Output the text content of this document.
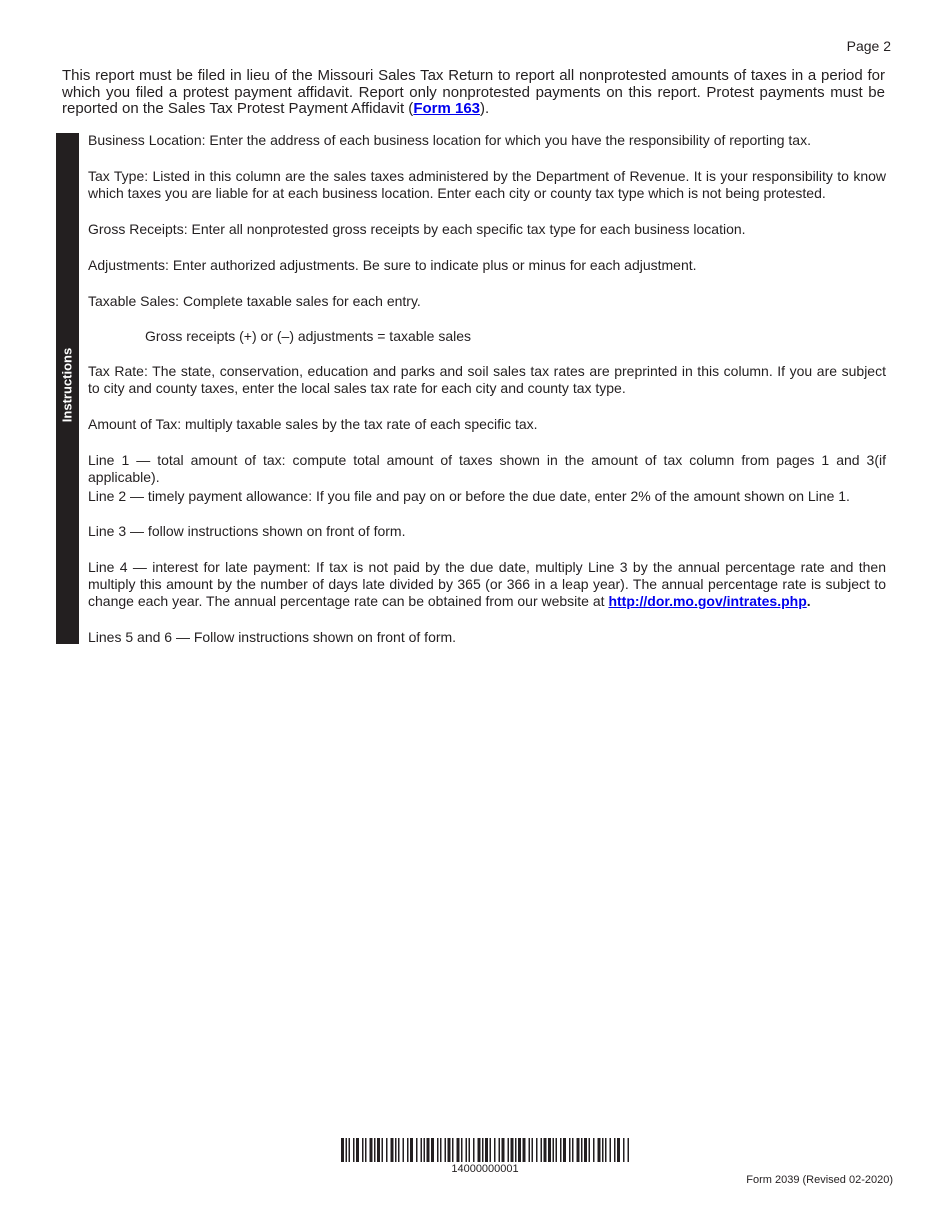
Page 2
This report must be filed in lieu of the Missouri Sales Tax Return to report all nonprotested amounts of taxes in a period for which you filed a protest payment affidavit. Report only nonprotested payments on this report. Protest payments must be reported on the Sales Tax Protest Payment Affidavit (Form 163).
Instructions

Business Location: Enter the address of each business location for which you have the responsibility of reporting tax.

Tax Type: Listed in this column are the sales taxes administered by the Department of Revenue. It is your responsibility to know which taxes you are liable for at each business location. Enter each city or county tax type which is not being protested.

Gross Receipts: Enter all nonprotested gross receipts by each specific tax type for each business location.

Adjustments: Enter authorized adjustments. Be sure to indicate plus or minus for each adjustment.

Taxable Sales: Complete taxable sales for each entry.

Gross receipts (+) or (–) adjustments = taxable sales

Tax Rate: The state, conservation, education and parks and soil sales tax rates are preprinted in this column. If you are subject to city and county taxes, enter the local sales tax rate for each city and county tax type.

Amount of Tax: multiply taxable sales by the tax rate of each specific tax.

Line 1 — total amount of tax: compute total amount of taxes shown in the amount of tax column from pages 1 and 3(if applicable).

Line 2 — timely payment allowance: If you file and pay on or before the due date, enter 2% of the amount shown on Line 1.

Line 3 — follow instructions shown on front of form.

Line 4 — interest for late payment: If tax is not paid by the due date, multiply Line 3 by the annual percentage rate and then multiply this amount by the number of days late divided by 365 (or 366 in a leap year). The annual percentage rate is subject to change each year. The annual percentage rate can be obtained from our website at http://dor.mo.gov/intrates.php.

Lines 5 and 6 — Follow instructions shown on front of form.

14000000001
Form 2039 (Revised 02-2020)
